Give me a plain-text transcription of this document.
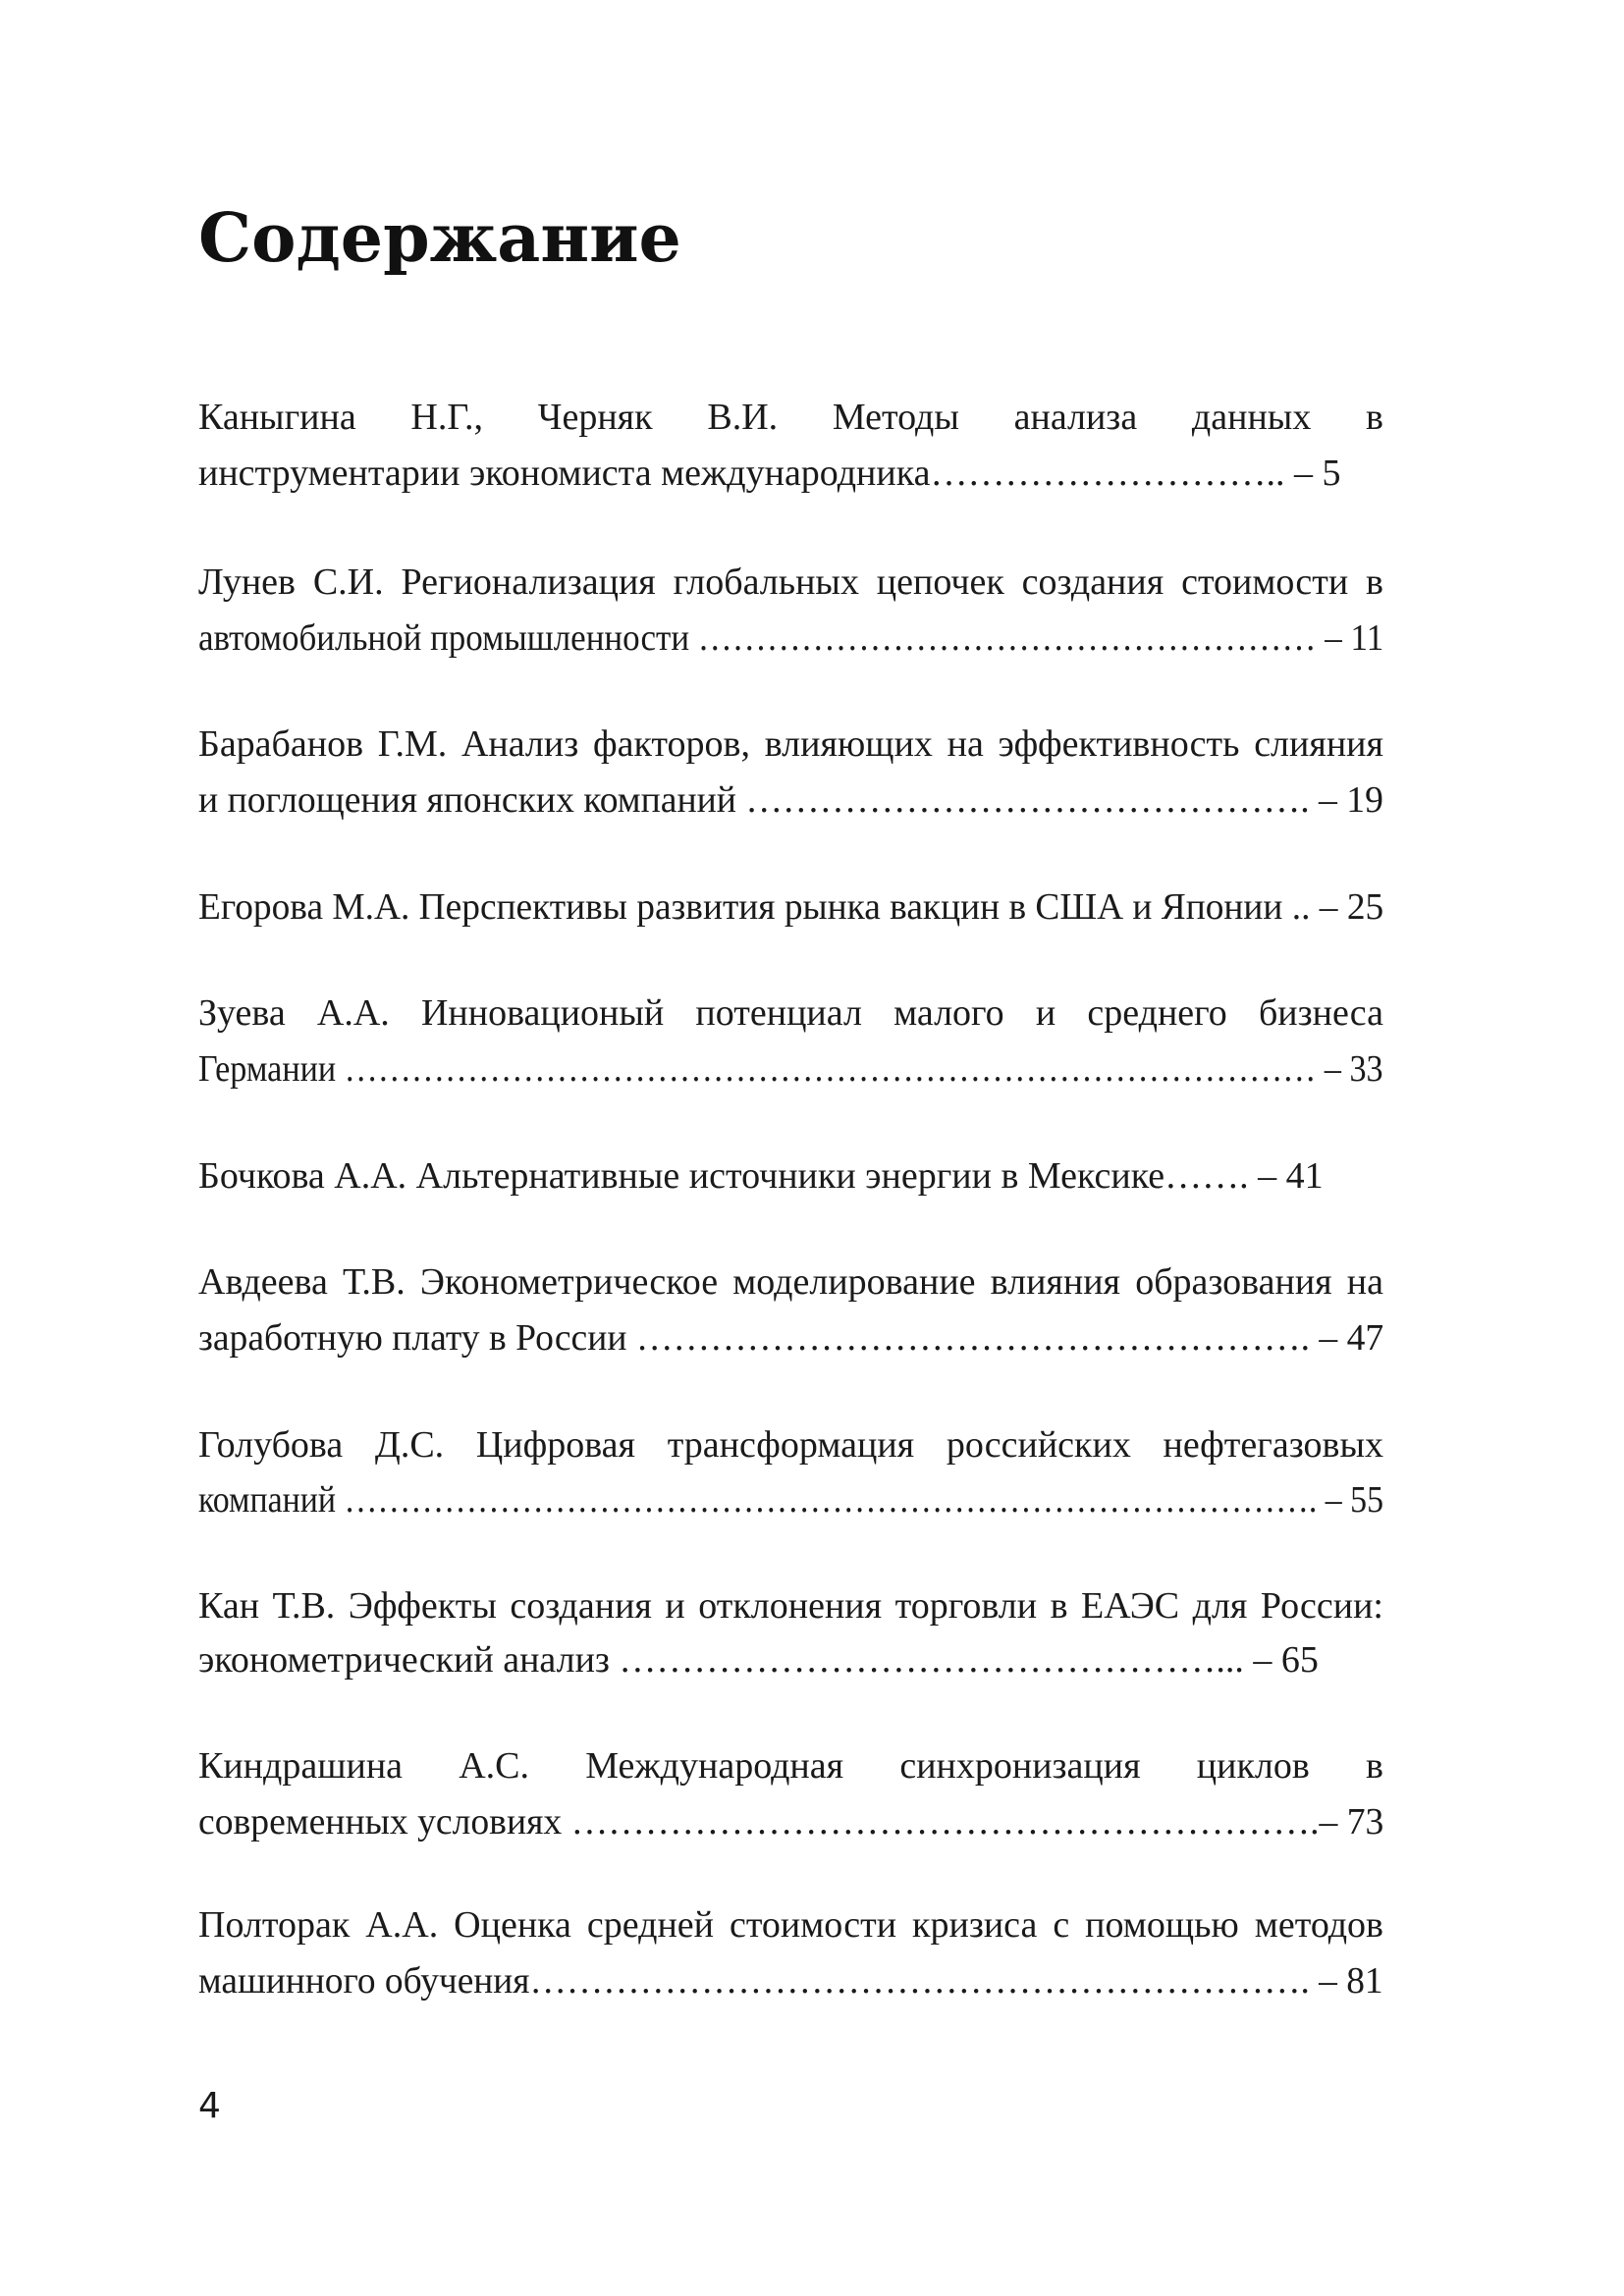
Содержание
Каныгина Н.Г., Черняк В.И. Методы анализа данных в
инструментарии экономиста международника……………………….. – 5
Лунев С.И. Регионализация глобальных цепочек создания стоимости в
автомобильной промышленности ……………………………………………… – 11
Барабанов Г.М. Анализ факторов, влияющих на эффективность слияния
и поглощения японских компаний ………………………………………. – 19
Егорова М.А. Перспективы развития рынка вакцин в США и Японии .. – 25
Зуева А.А. Инновационый потенциал малого и среднего бизнеса
Германии …………………………………………………………………………… – 33
Бочкова А.А. Альтернативные источники энергии в Мексике……. – 41
Авдеева Т.В. Эконометрическое моделирование влияния образования на
заработную плату в России ………………………………………………. – 47
Голубова Д.С. Цифровая трансформация российских нефтегазовых
компаний ……………………………………………………………………………. – 55
Кан Т.В. Эффекты создания и отклонения торговли в ЕАЭС для России:
эконометрический анализ …………………………………………... – 65
Киндрашина А.С. Международная синхронизация циклов в
современных условиях …………………………………………………….– 73
Полторак А.А. Оценка средней стоимости кризиса с помощью методов
машинного обучения………………………………………………………. – 81
4
